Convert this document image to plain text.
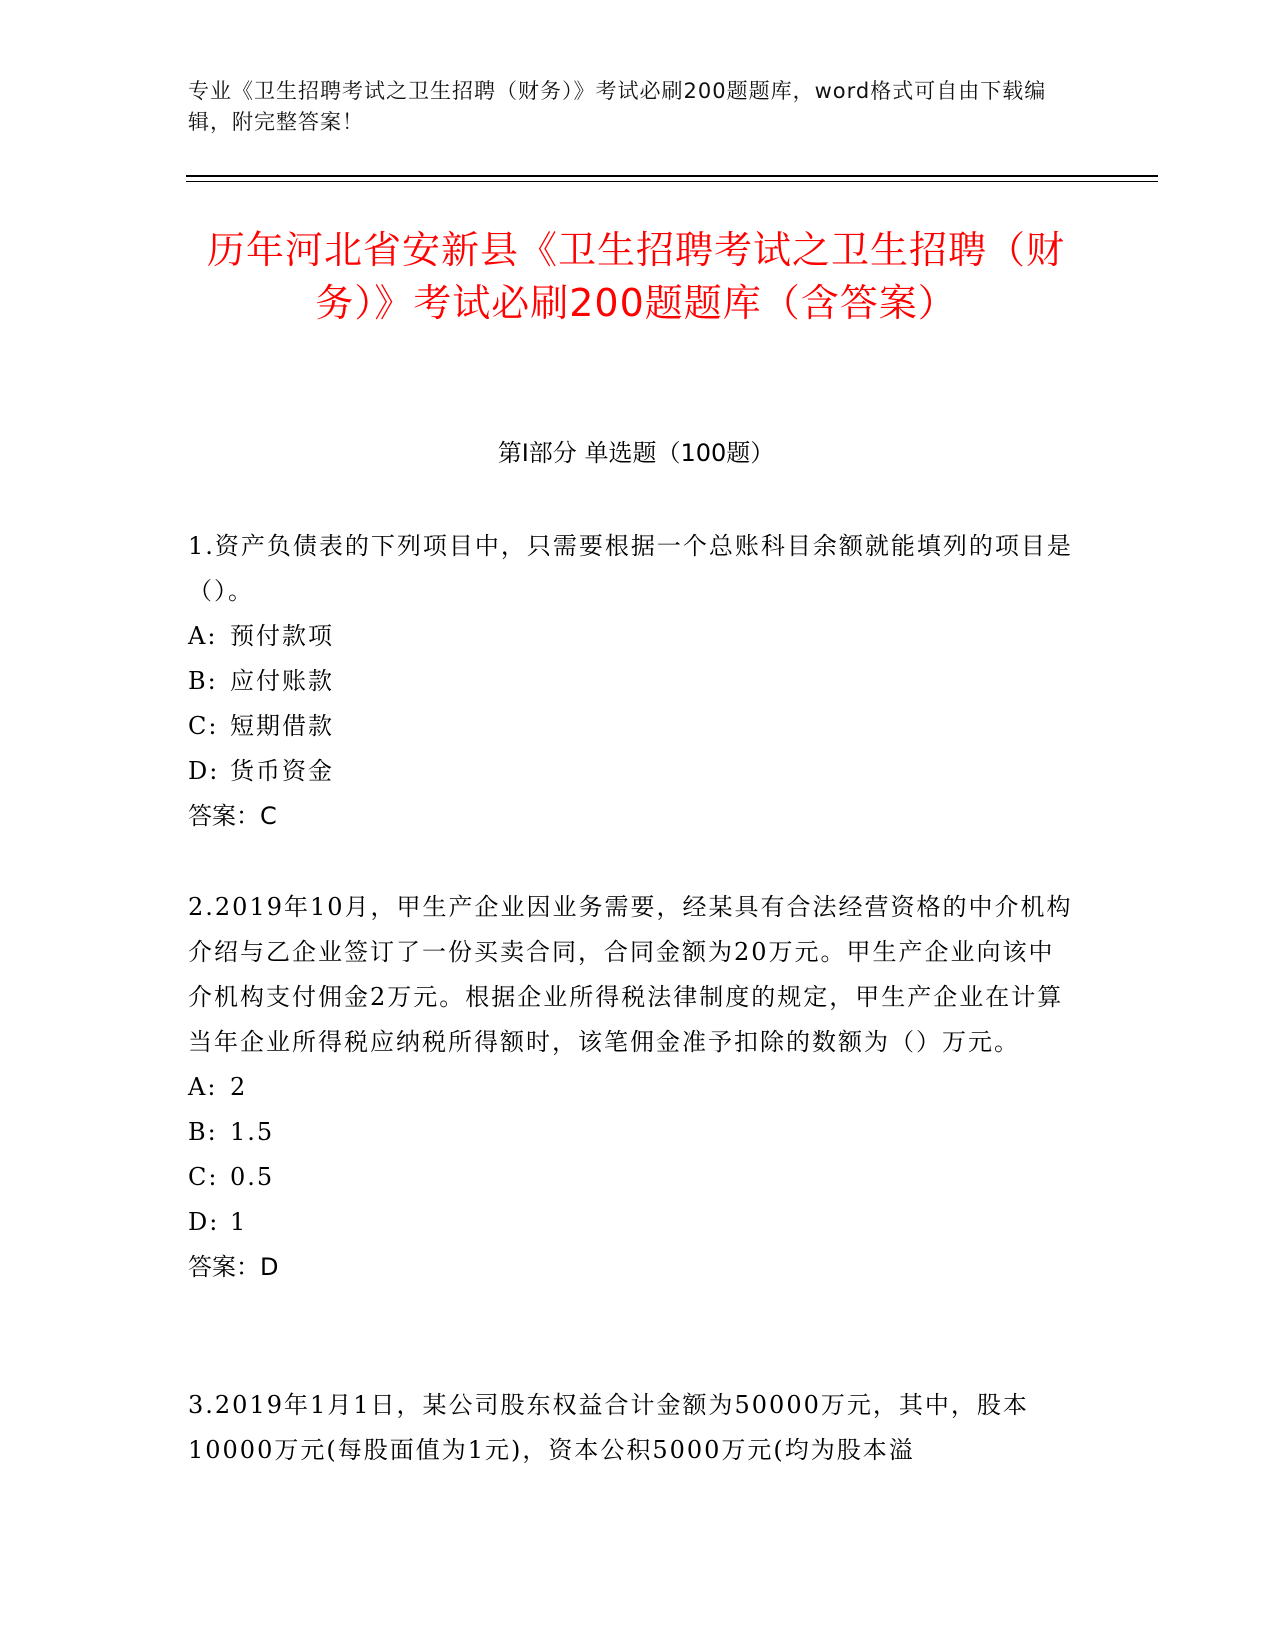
专业《卫生招聘考试之卫生招聘（财务）》考试必刷200题题库，word格式可自由下载编辑，附完整答案！
历年河北省安新县《卫生招聘考试之卫生招聘（财务）》考试必刷200题题库（含答案）
第Ⅰ部分 单选题（100题）

1.资产负债表的下列项目中，只需要根据一个总账科目余额就能填列的项目是（）。

A: 预付款项

B: 应付账款

C: 短期借款

D: 货币资金

答案：C

2.2019年10月，甲生产企业因业务需要，经某具有合法经营资格的中介机构介绍与乙企业签订了一份买卖合同，合同金额为20万元。甲生产企业向该中介机构支付佣金2万元。根据企业所得税法律制度的规定，甲生产企业在计算当年企业所得税应纳税所得额时，该笔佣金准予扣除的数额为（）万元。

A: 2

B: 1.5

C: 0.5

D: 1

答案：D

3.2019年1月1日，某公司股东权益合计金额为50000万元，其中，股本10000万元(每股面值为1元)，资本公积5000万元(均为股本溢
